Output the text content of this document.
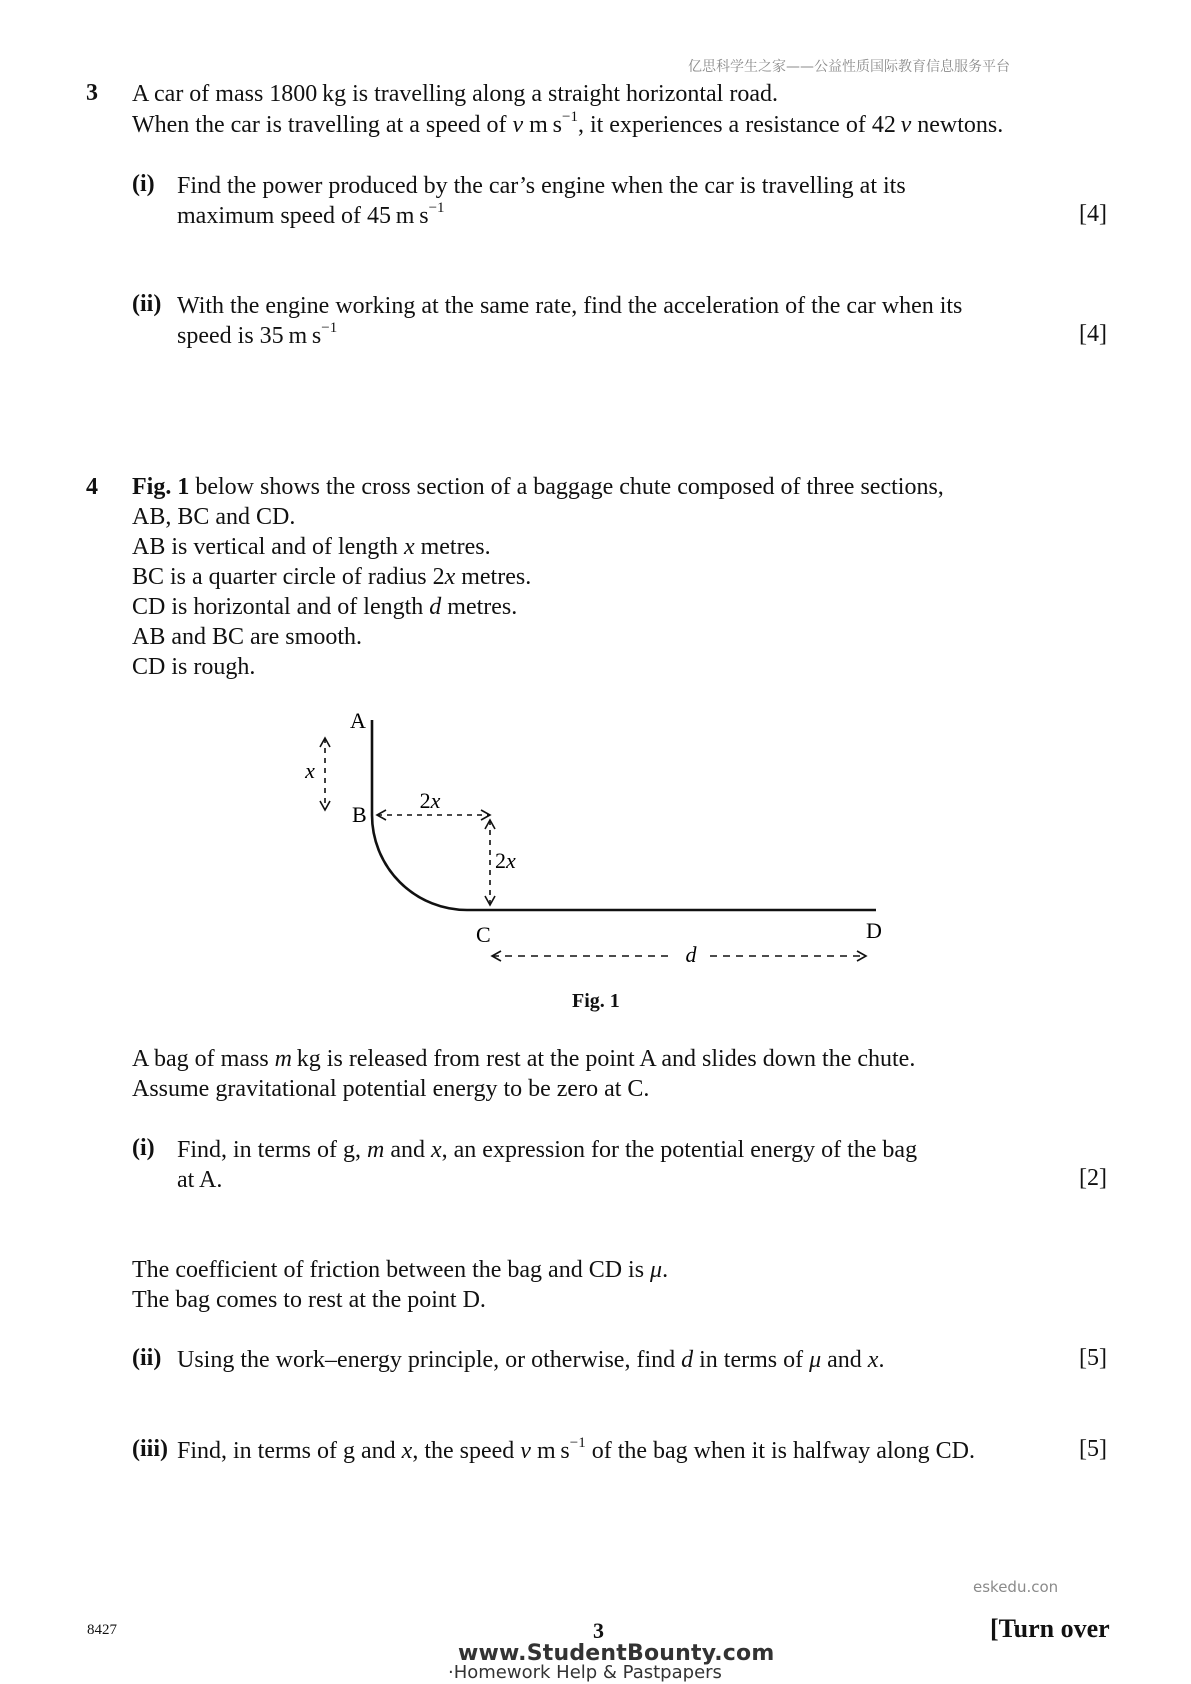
亿思科学生之家——公益性质国际教育信息服务平台
3 A car of mass 1800 kg is travelling along a straight horizontal road.
When the car is travelling at a speed of v m $s^{-1}$, it experiences a resistance of 42 v newtons.
(i) Find the power produced by the car’s engine when the car is travelling at its
maximum speed of 45 m $s^{-1}$	[4]
(ii) With the engine working at the same rate, find the acceleration of the car when its
speed is 35 m $s^{-1}$	[4]
4 Fig. 1 below shows the cross section of a baggage chute composed of three sections,
AB, BC and CD.
AB is vertical and of length x metres.
BC is a quarter circle of radius 2x metres.
CD is horizontal and of length d metres.
AB and BC are smooth.
CD is rough.
x
2x
2x
d
A
B
C	D
Fig. 1
A bag of mass m kg is released from rest at the point A and slides down the chute.
Assume gravitational potential energy to be zero at C.
(i) Find, in terms of g, m and x, an expression for the potential energy of the bag
at A.	[2]
The coefficient of friction between the bag and CD is μ.
The bag comes to rest at the point D.
(ii) Using the work–energy principle, or otherwise, find d in terms of μ and x.	[5]
(iii) Find, in terms of g and x, the speed v m $s^{-1}$ of the bag when it is halfway along CD.	[5]
eskedu.con
8427	3	[Turn over
www.StudentBounty.com
·Homework Help & Pastpapers
